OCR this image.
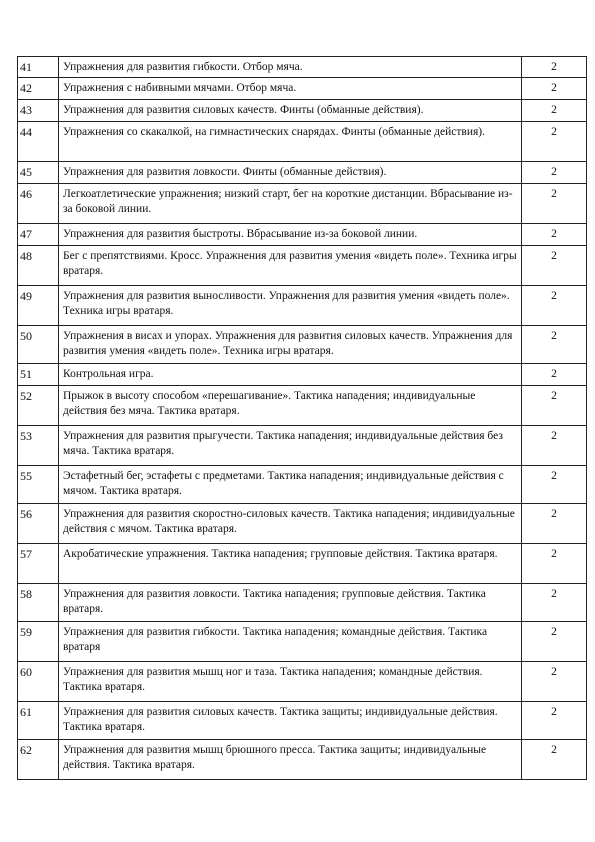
41	Упражнения для развития гибкости. Отбор мяча.	2
42	Упражнения с набивными мячами. Отбор мяча.	2
43	Упражнения для развития силовых качеств. Финты (обманные действия).	2
44	Упражнения со скакалкой, на гимнастических снарядах. Финты (обманные действия).	2
45	Упражнения для развития ловкости. Финты (обманные действия).	2
46	Легкоатлетические упражнения; низкий старт, бег на короткие дистанции. Вбрасывание из-за боковой линии.	2
47	Упражнения для развития быстроты. Вбрасывание из-за боковой линии.	2
48	Бег с препятствиями. Кросс. Упражнения для развития умения «видеть поле». Техника игры вратаря.	2
49	Упражнения для развития выносливости. Упражнения для развития умения «видеть поле». Техника игры вратаря.	2
50	Упражнения в висах и упорах. Упражнения для развития силовых качеств. Упражнения для развития умения «видеть поле». Техника игры вратаря.	2
51	Контрольная игра.	2
52	Прыжок в высоту способом «перешагивание». Тактика нападения; индивидуальные действия без мяча. Тактика вратаря.	2
53	Упражнения для развития прыгучести. Тактика нападения; индивидуальные действия без мяча. Тактика вратаря.	2
55	Эстафетный бег, эстафеты с предметами. Тактика нападения; индивидуальные действия с мячом. Тактика вратаря.	2
56	Упражнения для развития скоростно-силовых качеств. Тактика нападения; индивидуальные действия с мячом. Тактика вратаря.	2
57	Акробатические упражнения. Тактика нападения; групповые действия. Тактика вратаря.	2
58	Упражнения для развития ловкости. Тактика нападения; групповые действия. Тактика вратаря.	2
59	Упражнения для развития гибкости. Тактика нападения; командные действия. Тактика вратаря	2
60	Упражнения для развития мышц ног и таза. Тактика нападения; командные действия. Тактика вратаря.	2
61	Упражнения для развития силовых качеств. Тактика защиты; индивидуальные действия. Тактика вратаря.	2
62	Упражнения для развития мышц брюшного пресса. Тактика защиты; индивидуальные действия. Тактика вратаря.	2
